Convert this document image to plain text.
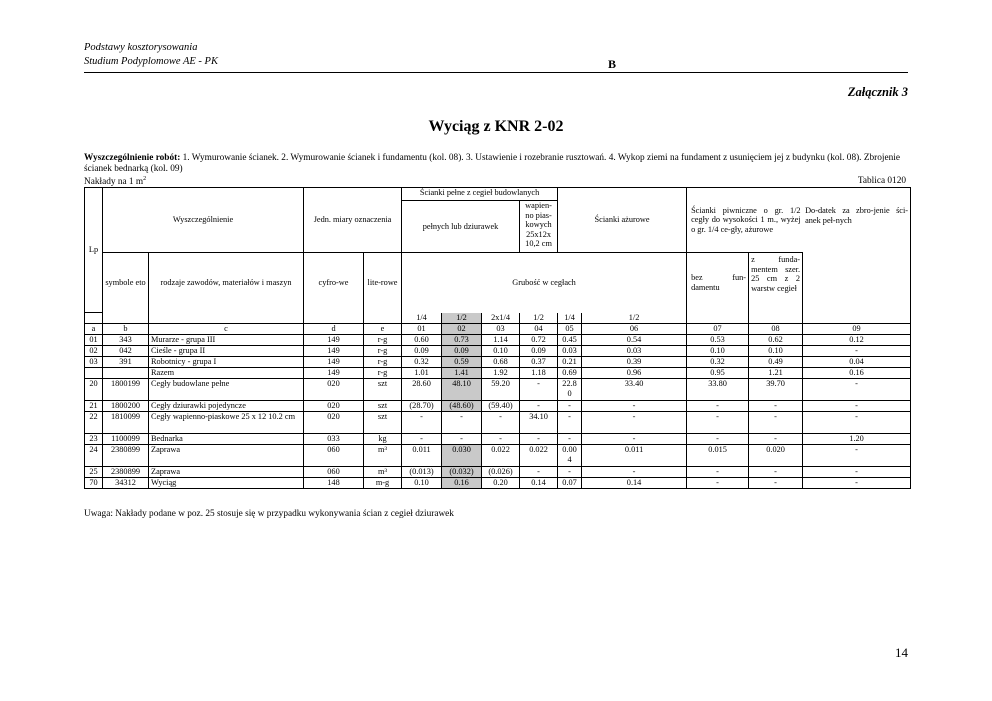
Podstawy kosztorysowania
Studium Podyplomowe AE - PK	B
Załącznik 3
Wyciąg z KNR 2-02
Wyszczególnienie robót: 1. Wymurowanie ścianek. 2. Wymurowanie ścianek i fundamentu (kol. 08). 3. Ustawienie i rozebranie rusztowań. 4. Wykop ziemi na fundament z usunięciem jej z budynku (kol. 08). Zbrojenie ścianek bednarką (kol. 09)
Nakłady na 1 $m^2$	Tablica 0120
Lp	Wyszczególnienie		Jedn. miary oznaczenia		Ścianki pełne z cegieł budowlanych				Ścianki ażurowe		Ścianki piwniczne o gr. 1/2 cegły do wysokości 1 m., wyżej o gr. 1/4 ce-gły, ażurowe		Do-datek za zbro-jenie ści-anek peł-nych
					pełnych lub dziurawek			wapien-no pias-kowych 25x12x 10,2 cm					
	symbole eto	rodzaje zawodów, materiałów i maszyn	cyfro-we	lite-rowe	Grubość w cegłach						bez fun-damentu	z funda-mentem szer. 25 cm z 2 warstw cegieł	
					1/4	1/2	2x1/4	1/2	1/4	1/2			
a	b	c	d	e	01	02	03	04	05	06	07	08	09
01	343	Murarze - grupa III	149	r-g	0.60	0.73	1.14	0.72	0.45	0.54	0.53	0.62	0.12
02	042	Cieśle - grupa II	149	r-g	0.09	0.09	0.10	0.09	0.03	0.03	0.10	0.10	-
03	391	Robotnicy - grupa I	149	r-g	0.32	0.59	0.68	0.37	0.21	0.39	0.32	0.49	0.04
		Razem	149	r-g	1.01	1.41	1.92	1.18	0.69	0.96	0.95	1.21	0.16
20	1800199	Cegły budowlane pełne	020	szt	28.60	48.10	59.20	-	22.8 0	33.40	33.80	39.70	-
21	1800200	Cegły dziurawki pojedyncze	020	szt	(28.70)	(48.60)	(59.40)	-	-	-	-	-	-
22	1810099	Cegły wapienno-piaskowe 25 x 12 10.2 cm	020	szt	-	-	-	34.10	-	-	-	-	-
23	1100099	Bednarka	033	kg	-	-	-	-	-	-	-	-	1.20
24	2380899	Zaprawa	060	m³	0.011	0.030	0.022	0.022	0.00 4	0.011	0.015	0.020	-
25	2380899	Zaprawa	060	m³	(0.013)	(0.032)	(0.026)	-	-	-	-	-	-
70	34312	Wyciąg	148	m-g	0.10	0.16	0.20	0.14	0.07	0.14	-	-	-
Uwaga: Nakłady podane w poz. 25 stosuje się w przypadku wykonywania ścian z cegieł dziurawek
14
